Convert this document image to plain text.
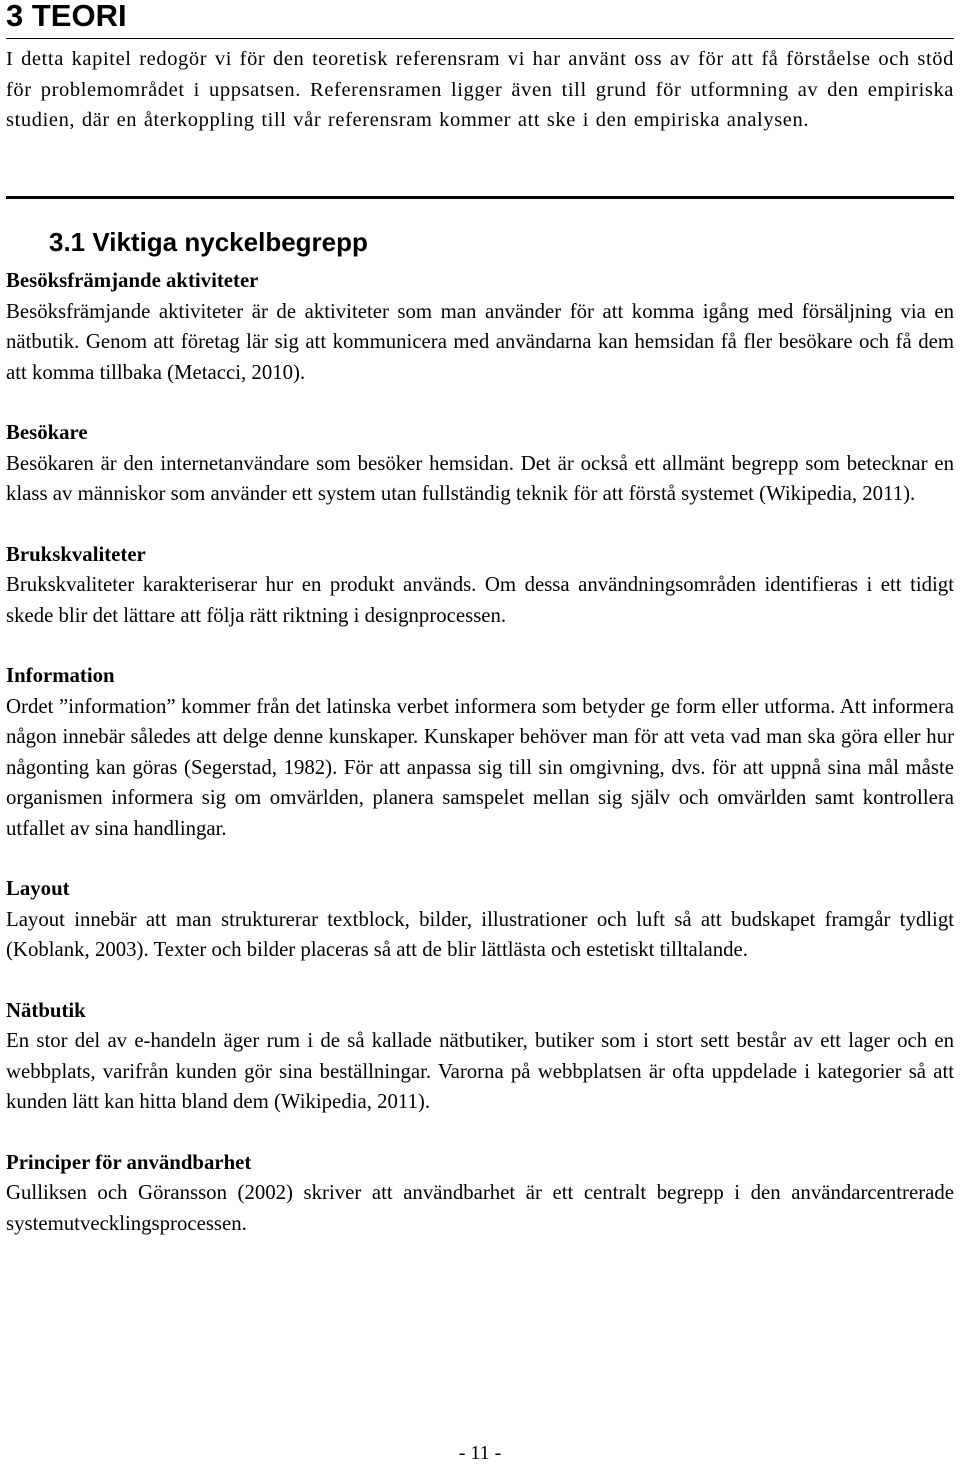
3 TEORI

I detta kapitel redogör vi för den teoretisk referensram vi har använt oss av för att få förståelse och stöd för problemområdet i uppsatsen. Referensramen ligger även till grund för utformning av den empiriska studien, där en återkoppling till vår referensram kommer att ske i den empiriska analysen.

3.1 Viktiga nyckelbegrepp

Besöksfrämjande aktiviteter

Besöksfrämjande aktiviteter är de aktiviteter som man använder för att komma igång med försäljning via en nätbutik. Genom att företag lär sig att kommunicera med användarna kan hemsidan få fler besökare och få dem att komma tillbaka (Metacci, 2010).

Besökare

Besökaren är den internetanvändare som besöker hemsidan. Det är också ett allmänt begrepp som betecknar en klass av människor som använder ett system utan fullständig teknik för att förstå systemet (Wikipedia, 2011).

Brukskvaliteter

Brukskvaliteter karakteriserar hur en produkt används. Om dessa användningsområden identifieras i ett tidigt skede blir det lättare att följa rätt riktning i designprocessen.

Information

Ordet ”information” kommer från det latinska verbet informera som betyder ge form eller utforma. Att informera någon innebär således att delge denne kunskaper. Kunskaper behöver man för att veta vad man ska göra eller hur någonting kan göras (Segerstad, 1982). För att anpassa sig till sin omgivning, dvs. för att uppnå sina mål måste organismen informera sig om omvärlden, planera samspelet mellan sig själv och omvärlden samt kontrollera utfallet av sina handlingar.

Layout

Layout innebär att man strukturerar textblock, bilder, illustrationer och luft så att budskapet framgår tydligt (Koblank, 2003). Texter och bilder placeras så att de blir lättlästa och estetiskt tilltalande.

Nätbutik

En stor del av e-handeln äger rum i de så kallade nätbutiker, butiker som i stort sett består av ett lager och en webbplats, varifrån kunden gör sina beställningar. Varorna på webbplatsen är ofta uppdelade i kategorier så att kunden lätt kan hitta bland dem (Wikipedia, 2011).

Principer för användbarhet

Gulliksen och Göransson (2002) skriver att användbarhet är ett centralt begrepp i den användarcentrerade systemutvecklingsprocessen.

- 11 -
